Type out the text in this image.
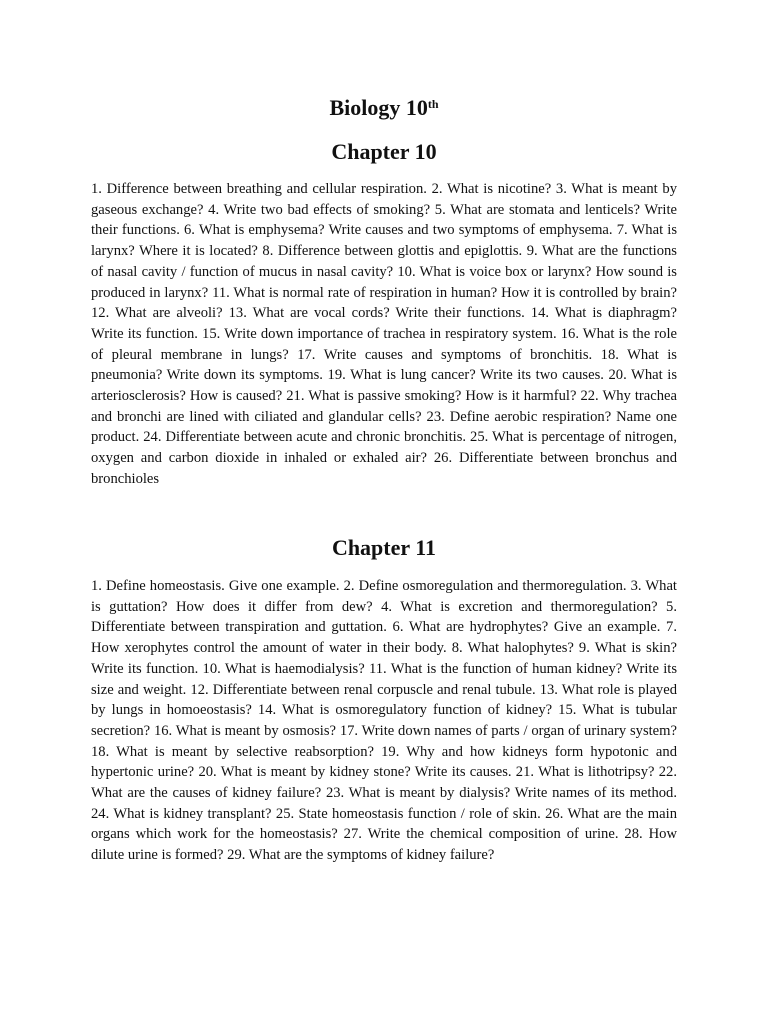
Biology 10th
Chapter 10

1. Difference between breathing and cellular respiration. 2. What is nicotine? 3. What is meant by gaseous exchange? 4. Write two bad effects of smoking? 5. What are stomata and lenticels? Write their functions. 6. What is emphysema? Write causes and two symptoms of emphysema. 7. What is larynx? Where it is located? 8. Difference between glottis and epiglottis. 9. What are the functions of nasal cavity / function of mucus in nasal cavity? 10. What is voice box or larynx? How sound is produced in larynx? 11. What is normal rate of respiration in human? How it is controlled by brain? 12. What are alveoli? 13. What are vocal cords? Write their functions. 14. What is diaphragm? Write its function. 15. Write down importance of trachea in respiratory system. 16. What is the role of pleural membrane in lungs? 17. Write causes and symptoms of bronchitis. 18. What is pneumonia? Write down its symptoms. 19. What is lung cancer? Write its two causes. 20. What is arteriosclerosis? How is caused? 21. What is passive smoking? How is it harmful? 22. Why trachea and bronchi are lined with ciliated and glandular cells? 23. Define aerobic respiration? Name one product. 24. Differentiate between acute and chronic bronchitis. 25. What is percentage of nitrogen, oxygen and carbon dioxide in inhaled or exhaled air? 26. Differentiate between bronchus and bronchioles

Chapter 11

1. Define homeostasis. Give one example. 2. Define osmoregulation and thermoregulation. 3. What is guttation? How does it differ from dew? 4. What is excretion and thermoregulation? 5. Differentiate between transpiration and guttation. 6. What are hydrophytes? Give an example. 7. How xerophytes control the amount of water in their body. 8. What halophytes? 9. What is skin? Write its function. 10. What is haemodialysis? 11. What is the function of human kidney? Write its size and weight. 12. Differentiate between renal corpuscle and renal tubule. 13. What role is played by lungs in homoeostasis? 14. What is osmoregulatory function of kidney? 15. What is tubular secretion? 16. What is meant by osmosis? 17. Write down names of parts / organ of urinary system? 18. What is meant by selective reabsorption? 19. Why and how kidneys form hypotonic and hypertonic urine? 20. What is meant by kidney stone? Write its causes. 21. What is lithotripsy? 22. What are the causes of kidney failure? 23. What is meant by dialysis? Write names of its method. 24. What is kidney transplant? 25. State homeostasis function / role of skin. 26. What are the main organs which work for the homeostasis? 27. Write the chemical composition of urine. 28. How dilute urine is formed? 29. What are the symptoms of kidney failure?
